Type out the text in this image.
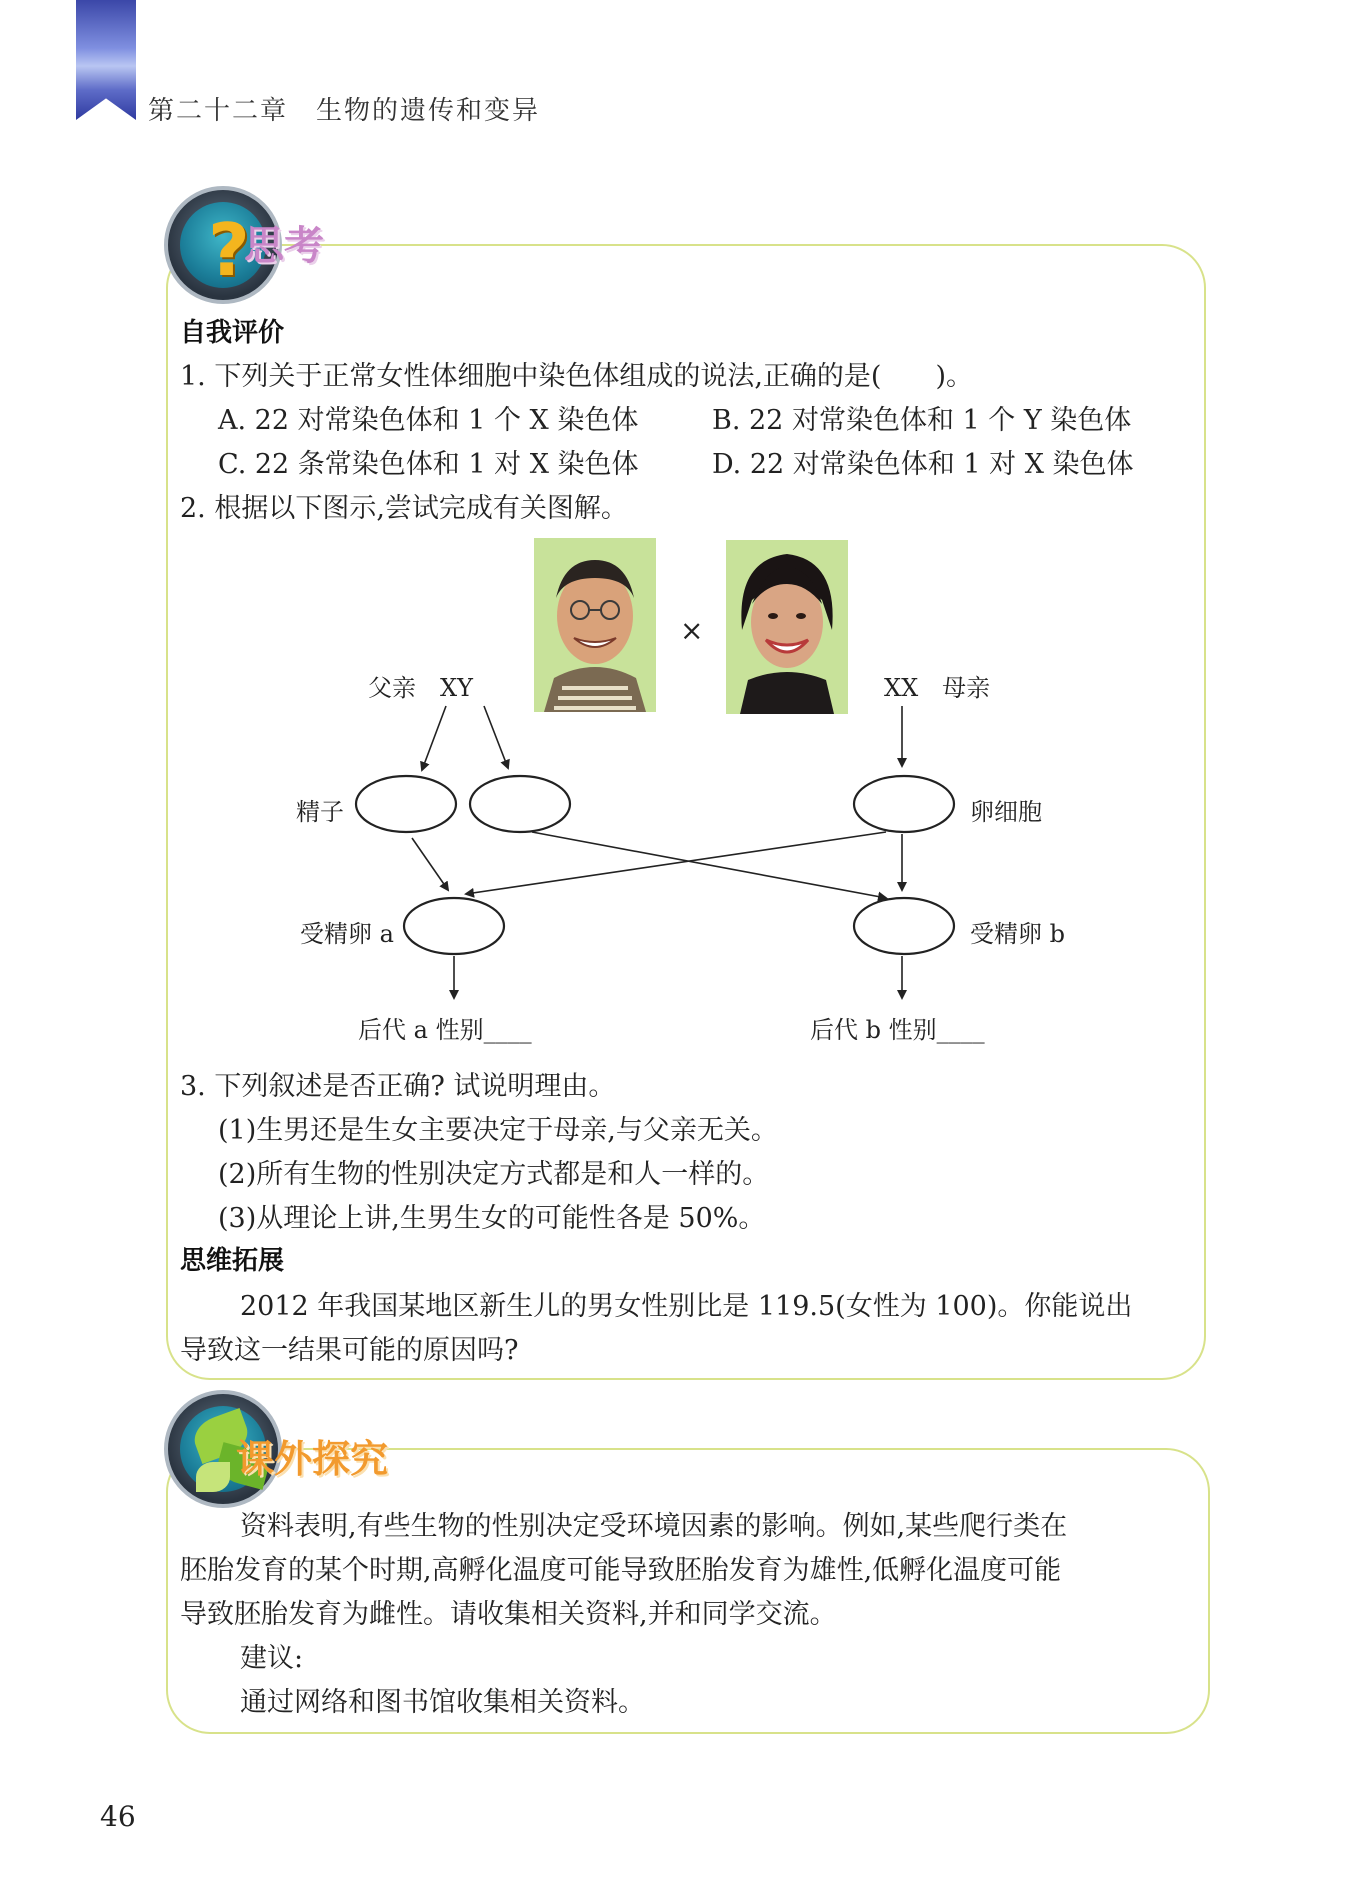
第二十二章　生物的遗传和变异
?
思考
自我评价
1. 下列关于正常女性体细胞中染色体组成的说法,正确的是(　　)。
A. 22 对常染色体和 1 个 X 染色体	B. 22 对常染色体和 1 个 Y 染色体
C. 22 条常染色体和 1 对 X 染色体	D. 22 对常染色体和 1 对 X 染色体
2. 根据以下图示,尝试完成有关图解。
父亲　XY	XX　母亲
×
精子	卵细胞
受精卵 a	受精卵 b
后代 a 性别____	后代 b 性别____
3. 下列叙述是否正确? 试说明理由。
(1)生男还是生女主要决定于母亲,与父亲无关。
(2)所有生物的性别决定方式都是和人一样的。
(3)从理论上讲,生男生女的可能性各是 50%。
思维拓展
2012 年我国某地区新生儿的男女性别比是 119.5(女性为 100)。你能说出
导致这一结果可能的原因吗?
课外探究
资料表明,有些生物的性别决定受环境因素的影响。例如,某些爬行类在
胚胎发育的某个时期,高孵化温度可能导致胚胎发育为雄性,低孵化温度可能
导致胚胎发育为雌性。请收集相关资料,并和同学交流。
建议:
通过网络和图书馆收集相关资料。
46
